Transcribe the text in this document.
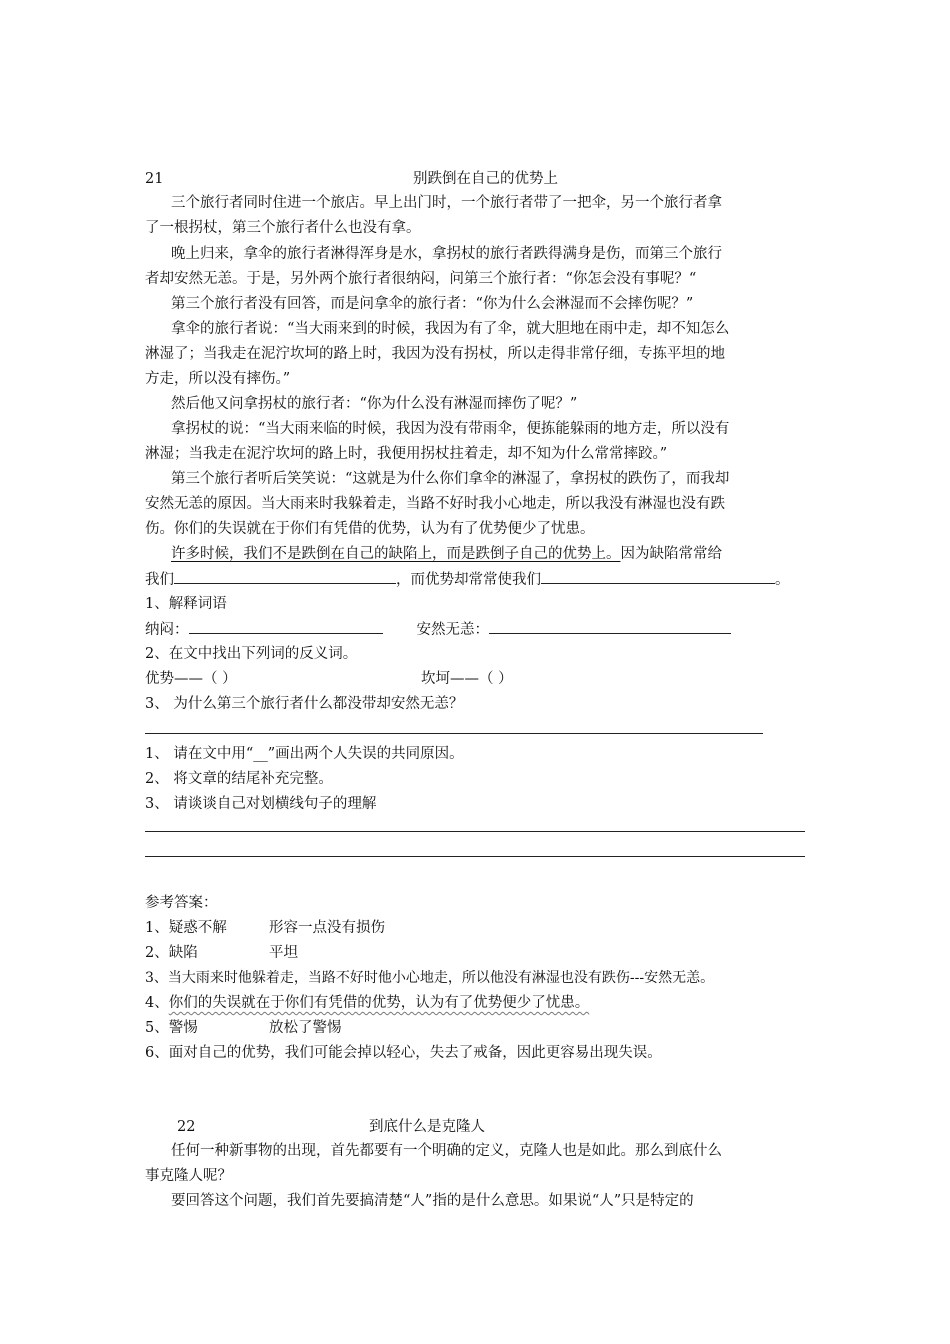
21	别跌倒在自己的优势上
三个旅行者同时住进一个旅店。早上出门时，一个旅行者带了一把伞，另一个旅行者拿
了一根拐杖，第三个旅行者什么也没有拿。
晚上归来，拿伞的旅行者淋得浑身是水，拿拐杖的旅行者跌得满身是伤，而第三个旅行
者却安然无恙。于是，另外两个旅行者很纳闷，问第三个旅行者：“你怎会没有事呢？“
第三个旅行者没有回答，而是问拿伞的旅行者：“你为什么会淋湿而不会摔伤呢？”
拿伞的旅行者说：“当大雨来到的时候，我因为有了伞，就大胆地在雨中走，却不知怎么
淋湿了；当我走在泥泞坎坷的路上时，我因为没有拐杖，所以走得非常仔细，专拣平坦的地
方走，所以没有摔伤。”
然后他又问拿拐杖的旅行者：“你为什么没有淋湿而摔伤了呢？”
拿拐杖的说：“当大雨来临的时候，我因为没有带雨伞，便拣能躲雨的地方走，所以没有
淋湿；当我走在泥泞坎坷的路上时，我便用拐杖拄着走，却不知为什么常常摔跤。”
第三个旅行者听后笑笑说：“这就是为什么你们拿伞的淋湿了，拿拐杖的跌伤了，而我却
安然无恙的原因。当大雨来时我躲着走，当路不好时我小心地走，所以我没有淋湿也没有跌
伤。你们的失误就在于你们有凭借的优势，认为有了优势便少了忧患。
许多时候，我们不是跌倒在自己的缺陷上，而是跌倒子自己的优势上。因为缺陷常常给
我们	，而优势却常常使我们	。
1、解释词语
纳闷：	安然无恙：
2、在文中找出下列词的反义词。
优势——（ ）	坎坷——（ ）
3、 为什么第三个旅行者什么都没带却安然无恙？
1、 请在文中用“__”画出两个人失误的共同原因。
2、 将文章的结尾补充完整。
3、 请谈谈自己对划横线句子的理解
参考答案：
1、疑惑不解	形容一点没有损伤
2、缺陷	平坦
3、当大雨来时他躲着走，当路不好时他小心地走，所以他没有淋湿也没有跌伤---安然无恙。
4、你们的失误就在于你们有凭借的优势，认为有了优势便少了忧患。
5、警惕	放松了警惕
6、面对自己的优势，我们可能会掉以轻心，失去了戒备，因此更容易出现失误。
22	到底什么是克隆人
任何一种新事物的出现，首先都要有一个明确的定义，克隆人也是如此。那么到底什么
事克隆人呢？
要回答这个问题，我们首先要搞清楚“人”指的是什么意思。如果说“人”只是特定的
